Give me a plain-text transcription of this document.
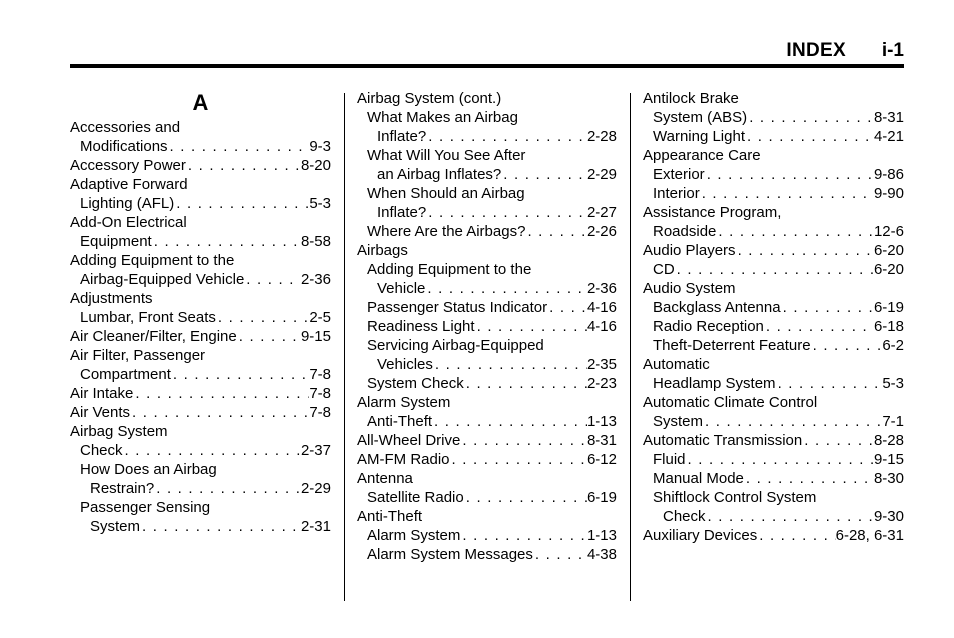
INDEX i-1
A
Accessories and
Modifications . . .	9-3
Accessory Power . . .	8-20
Adaptive Forward
Lighting (AFL) . . .	5-3
Add-On Electrical
Equipment . . .	8-58
Adding Equipment to the
Airbag-Equipped Vehicle . . .	2-36
Adjustments
Lumbar, Front Seats . . .	2-5
Air Cleaner/Filter, Engine . . .	9-15
Air Filter, Passenger
Compartment . . .	7-8
Air Intake . . .	7-8
Air Vents . . .	7-8
Airbag System
Check . . .	2-37
How Does an Airbag
Restrain? . . .	2-29
Passenger Sensing
System . . .	2-31
Airbag System (cont.)
What Makes an Airbag
Inflate? . . .	2-28
What Will You See After
an Airbag Inflates? . . .	2-29
When Should an Airbag
Inflate? . . .	2-27
Where Are the Airbags? . . .	2-26
Airbags
Adding Equipment to the
Vehicle . . .	2-36
Passenger Status Indicator . . .	4-16
Readiness Light . . .	4-16
Servicing Airbag-Equipped
Vehicles . . .	2-35
System Check . . .	2-23
Alarm System
Anti-Theft . . .	1-13
All-Wheel Drive . . .	8-31
AM-FM Radio . . .	6-12
Antenna
Satellite Radio . . .	6-19
Anti-Theft
Alarm System . . .	1-13
Alarm System Messages . . .	4-38
Antilock Brake
System (ABS) . . .	8-31
Warning Light . . .	4-21
Appearance Care
Exterior . . .	9-86
Interior . . .	9-90
Assistance Program,
Roadside . . .	12-6
Audio Players . . .	6-20
CD . . .	6-20
Audio System
Backglass Antenna . . .	6-19
Radio Reception . . .	6-18
Theft-Deterrent Feature . . .	6-2
Automatic
Headlamp System . . .	5-3
Automatic Climate Control
System . . .	7-1
Automatic Transmission . . .	8-28
Fluid . . .	9-15
Manual Mode . . .	8-30
Shiftlock Control System
Check . . .	9-30
Auxiliary Devices . . .	6-28, 6-31
